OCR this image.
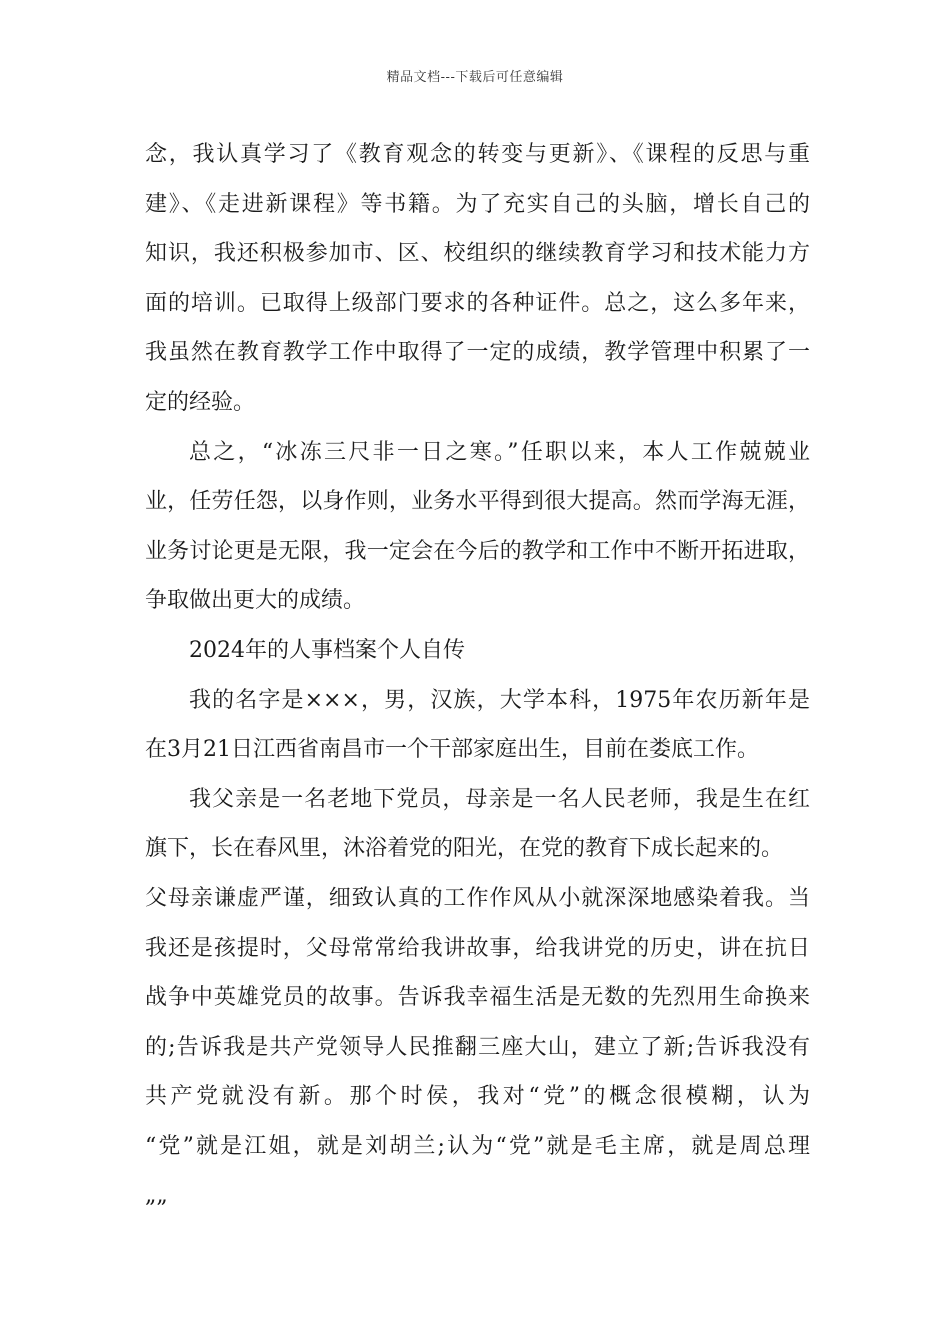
精品文档---下载后可任意编辑
念，我认真学习了《教育观念的转变与更新》、《课程的反思与重
建》、《走进新课程》等书籍。为了充实自己的头脑，增长自己的
知识，我还积极参加市、区、校组织的继续教育学习和技术能力方
面的培训。已取得上级部门要求的各种证件。总之，这么多年来，
我虽然在教育教学工作中取得了一定的成绩，教学管理中积累了一
定的经验。
总之，“冰冻三尺非一日之寒。”任职以来，本人工作兢兢业
业，任劳任怨，以身作则，业务水平得到很大提高。然而学海无涯，
业务讨论更是无限，我一定会在今后的教学和工作中不断开拓进取，
争取做出更大的成绩。
2024年的人事档案个人自传
我的名字是×××，男，汉族，大学本科，1975年农历新年是
在3月21日江西省南昌市一个干部家庭出生，目前在娄底工作。
我父亲是一名老地下党员，母亲是一名人民老师，我是生在红
旗下，长在春风里，沐浴着党的阳光，在党的教育下成长起来的。
父母亲谦虚严谨，细致认真的工作作风从小就深深地感染着我。当
我还是孩提时，父母常常给我讲故事，给我讲党的历史，讲在抗日
战争中英雄党员的故事。告诉我幸福生活是无数的先烈用生命换来
的;告诉我是共产党领导人民推翻三座大山，建立了新;告诉我没有
共产党就没有新。那个时侯，我对“党”的概念很模糊，认为
“党”就是江姐，就是刘胡兰;认为“党”就是毛主席，就是周总理
„„
